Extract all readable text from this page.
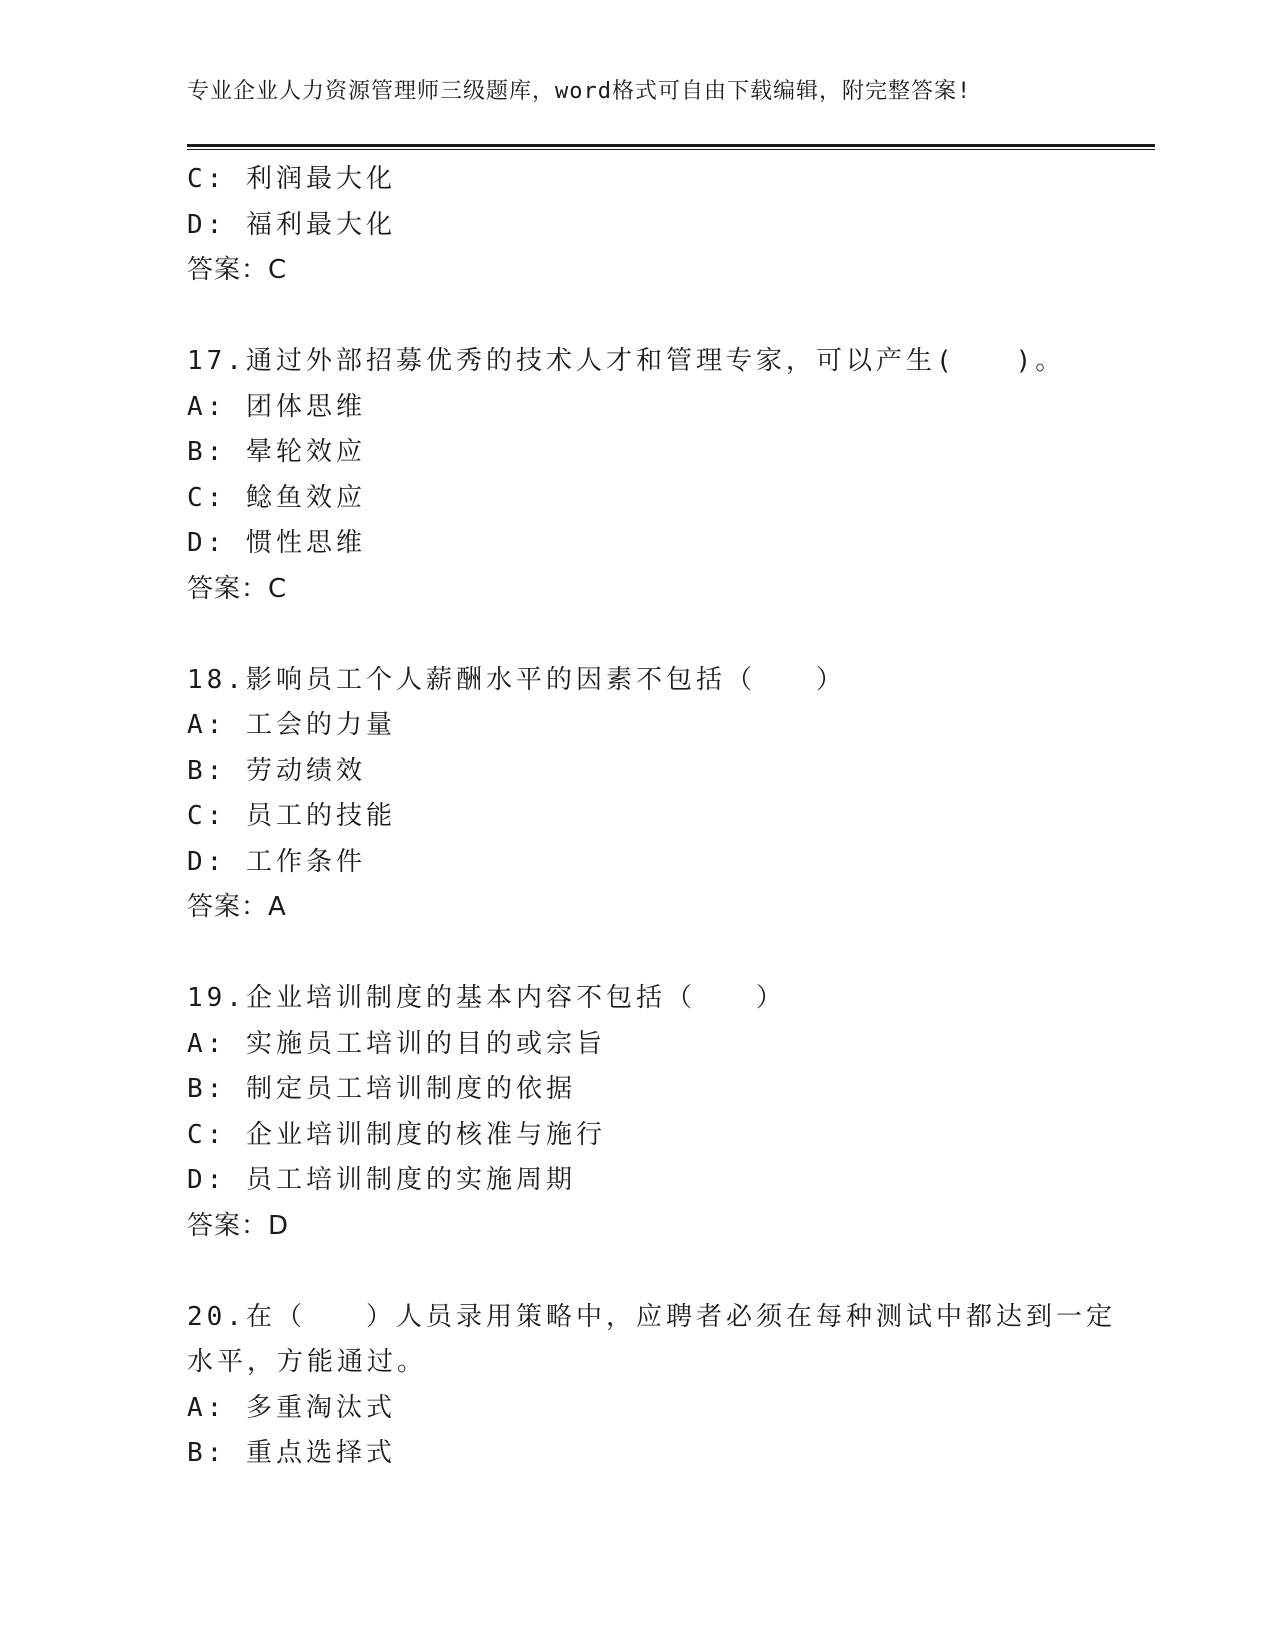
专业企业人力资源管理师三级题库，word格式可自由下载编辑，附完整答案!
C: 利润最大化
D: 福利最大化
答案：C
17.通过外部招募优秀的技术人才和管理专家，可以产生(　　)。
A: 团体思维
B: 晕轮效应
C: 鲶鱼效应
D: 惯性思维
答案：C
18.影响员工个人薪酬水平的因素不包括（　　）
A: 工会的力量
B: 劳动绩效
C: 员工的技能
D: 工作条件
答案：A
19.企业培训制度的基本内容不包括（　　）
A: 实施员工培训的目的或宗旨
B: 制定员工培训制度的依据
C: 企业培训制度的核准与施行
D: 员工培训制度的实施周期
答案：D
20.在（　　）人员录用策略中，应聘者必须在每种测试中都达到一定
水平，方能通过。
A: 多重淘汰式
B: 重点选择式
